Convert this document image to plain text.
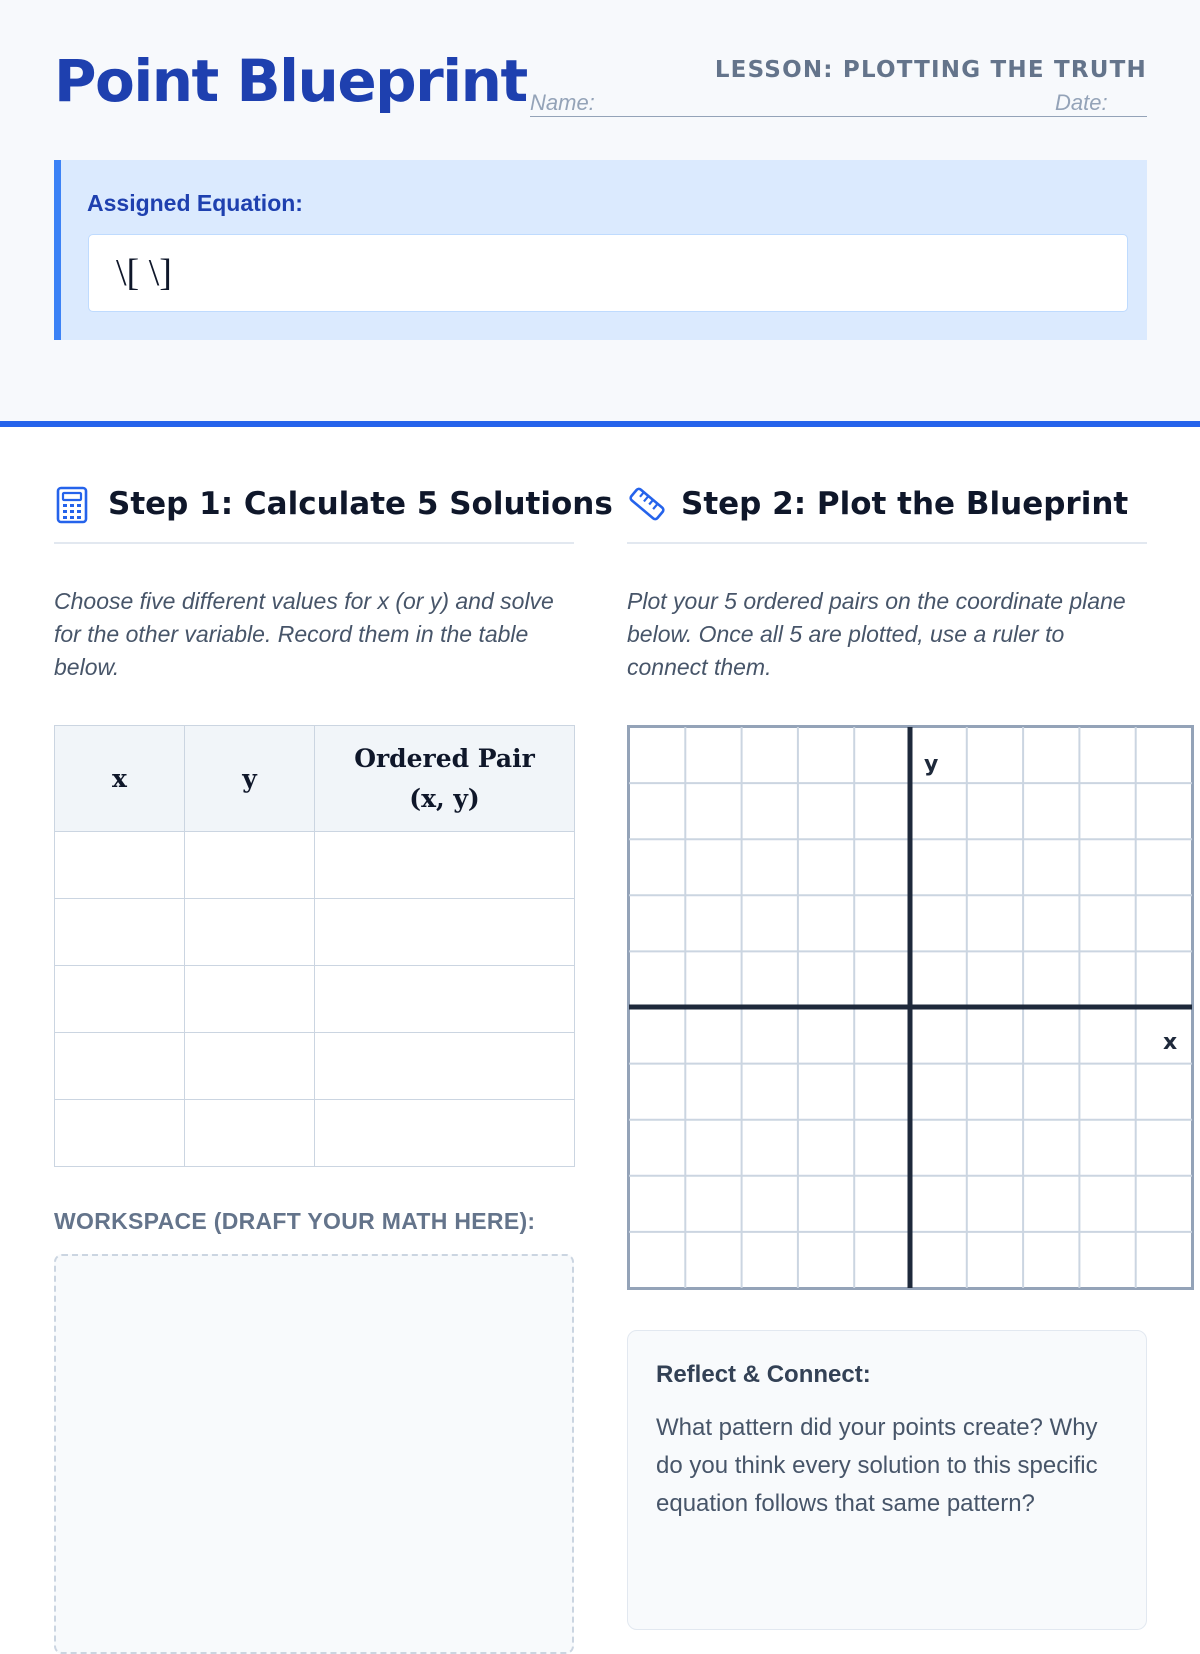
Point Blueprint	LESSON: PLOTTING THE TRUTH
Name:	Date:
Assigned Equation:
\[ \]
Step 1: Calculate 5 Solutions Step 2: Plot the Blueprint

Choose five different values for x (or y) and solve for the other variable. Record them in the table below.

Plot your 5 ordered pairs on the coordinate plane below. Once all 5 are plotted, use a ruler to connect them.

x	y	Ordered Pair (x, y)

WORKSPACE (DRAFT YOUR MATH HERE):
y
x
Reflect & Connect:

What pattern did your points create? Why do you think every solution to this specific equation follows that same pattern?
